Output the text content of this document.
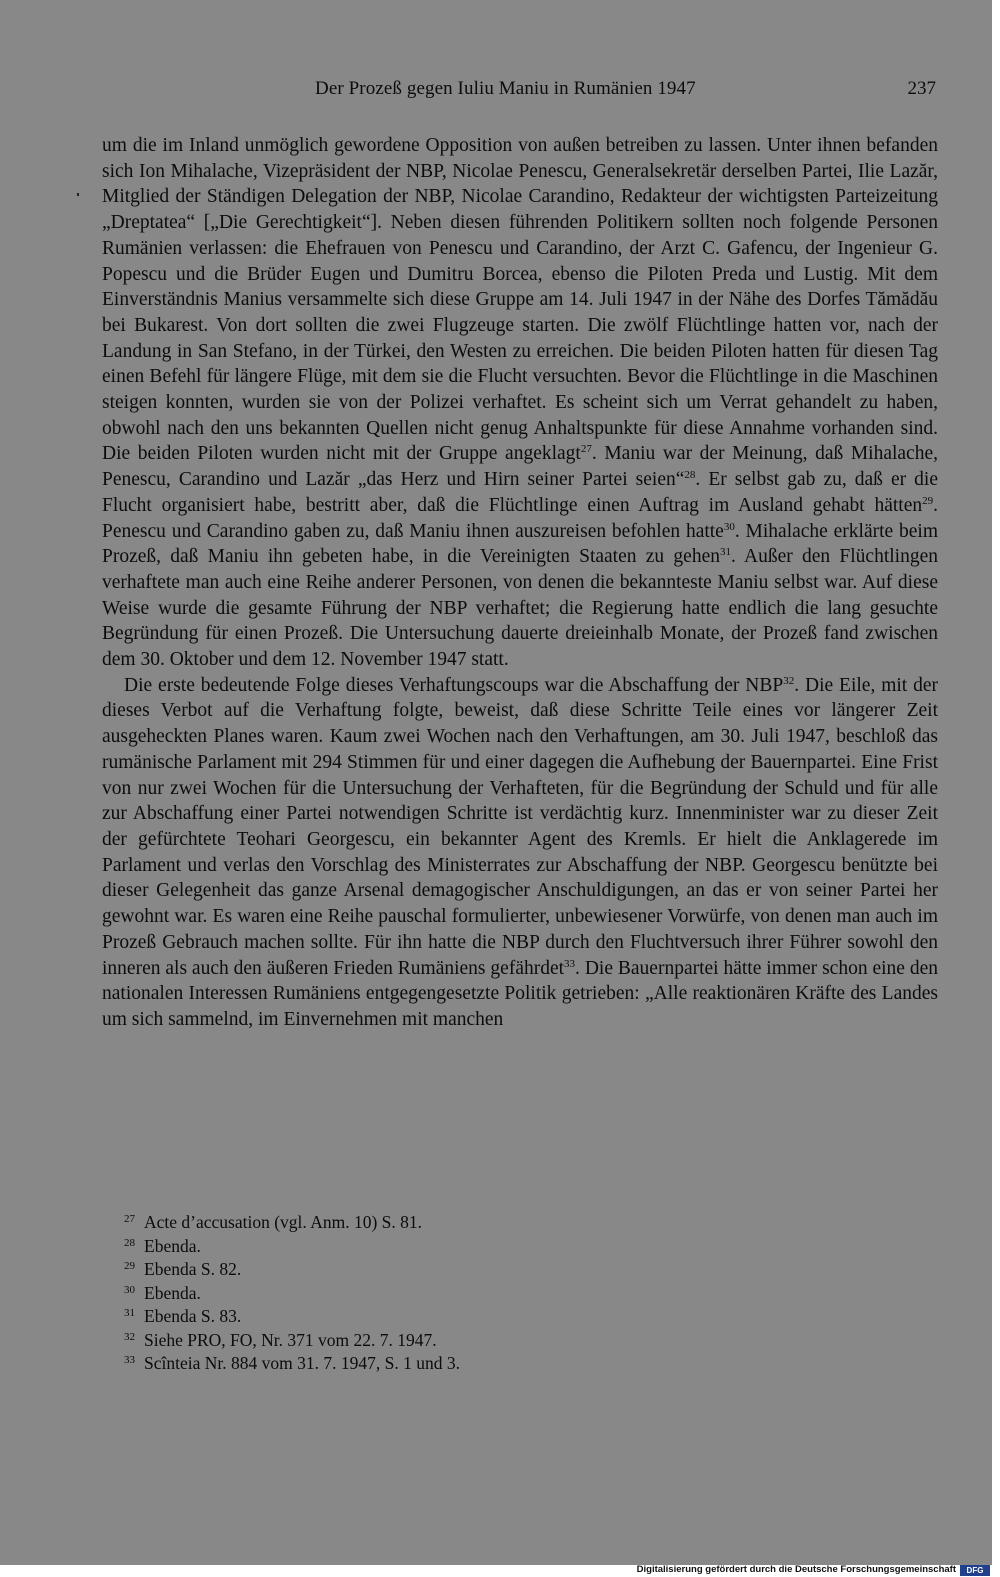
Der Prozeß gegen Iuliu Maniu in Rumänien 1947	237

um die im Inland unmöglich gewordene Opposition von außen betreiben zu lassen. Unter ihnen befanden sich Ion Mihalache, Vizepräsident der NBP, Nicolae Penescu, Generalsekretär derselben Partei, Ilie Lazăr, Mitglied der Ständigen Delegation der NBP, Nicolae Carandino, Redakteur der wichtigsten Parteizeitung „Dreptatea“ [„Die Gerechtigkeit“]. Neben diesen führenden Politikern sollten noch folgende Personen Rumänien verlassen: die Ehefrauen von Penescu und Carandino, der Arzt C. Gafencu, der Ingenieur G. Popescu und die Brüder Eugen und Dumitru Borcea, ebenso die Piloten Preda und Lustig. Mit dem Einverständnis Manius versammelte sich diese Gruppe am 14. Juli 1947 in der Nähe des Dorfes Tămădău bei Bukarest. Von dort sollten die zwei Flugzeuge starten. Die zwölf Flüchtlinge hatten vor, nach der Landung in San Stefano, in der Türkei, den Westen zu erreichen. Die beiden Piloten hatten für diesen Tag einen Befehl für längere Flüge, mit dem sie die Flucht versuchten. Bevor die Flüchtlinge in die Maschinen steigen konnten, wurden sie von der Polizei verhaftet. Es scheint sich um Verrat gehandelt zu haben, obwohl nach den uns bekannten Quellen nicht genug Anhaltspunkte für diese Annahme vorhanden sind. Die beiden Piloten wurden nicht mit der Gruppe angeklagt$^{27}$. Maniu war der Meinung, daß Mihalache, Penescu, Carandino und Lazăr „das Herz und Hirn seiner Partei seien“$^{28}$. Er selbst gab zu, daß er die Flucht organisiert habe, bestritt aber, daß die Flüchtlinge einen Auftrag im Ausland gehabt hätten$^{29}$. Penescu und Carandino gaben zu, daß Maniu ihnen auszureisen befohlen hatte$^{30}$. Mihalache erklärte beim Prozeß, daß Maniu ihn gebeten habe, in die Vereinigten Staaten zu gehen$^{31}$. Außer den Flüchtlingen verhaftete man auch eine Reihe anderer Personen, von denen die bekannteste Maniu selbst war. Auf diese Weise wurde die gesamte Führung der NBP verhaftet; die Regierung hatte endlich die lang gesuchte Begründung für einen Prozeß. Die Untersuchung dauerte dreieinhalb Monate, der Prozeß fand zwischen dem 30. Oktober und dem 12. November 1947 statt.

Die erste bedeutende Folge dieses Verhaftungscoups war die Abschaffung der NBP$^{32}$. Die Eile, mit der dieses Verbot auf die Verhaftung folgte, beweist, daß diese Schritte Teile eines vor längerer Zeit ausgeheckten Planes waren. Kaum zwei Wochen nach den Verhaftungen, am 30. Juli 1947, beschloß das rumänische Parlament mit 294 Stimmen für und einer dagegen die Aufhebung der Bauernpartei. Eine Frist von nur zwei Wochen für die Untersuchung der Verhafteten, für die Begründung der Schuld und für alle zur Abschaffung einer Partei notwendigen Schritte ist verdächtig kurz. Innenminister war zu dieser Zeit der gefürchtete Teohari Georgescu, ein bekannter Agent des Kremls. Er hielt die Anklagerede im Parlament und verlas den Vorschlag des Ministerrates zur Abschaffung der NBP. Georgescu benützte bei dieser Gelegenheit das ganze Arsenal demagogischer Anschuldigungen, an das er von seiner Partei her gewohnt war. Es waren eine Reihe pauschal formulierter, unbewiesener Vorwürfe, von denen man auch im Prozeß Gebrauch machen sollte. Für ihn hatte die NBP durch den Fluchtversuch ihrer Führer sowohl den inneren als auch den äußeren Frieden Rumäniens gefährdet$^{33}$. Die Bauernpartei hätte immer schon eine den nationalen Interessen Rumäniens entgegengesetzte Politik getrieben: „Alle reaktionären Kräfte des Landes um sich sammelnd, im Einvernehmen mit manchen

27 Acte d’accusation (vgl. Anm. 10) S. 81.
28 Ebenda.
29 Ebenda S. 82.
30 Ebenda.
31 Ebenda S. 83.
32 Siehe PRO, FO, Nr. 371 vom 22. 7. 1947.
33 Scînteia Nr. 884 vom 31. 7. 1947, S. 1 und 3.
Digitalisierung gefördert durch die Deutsche Forschungsgemeinschaft	DFG
